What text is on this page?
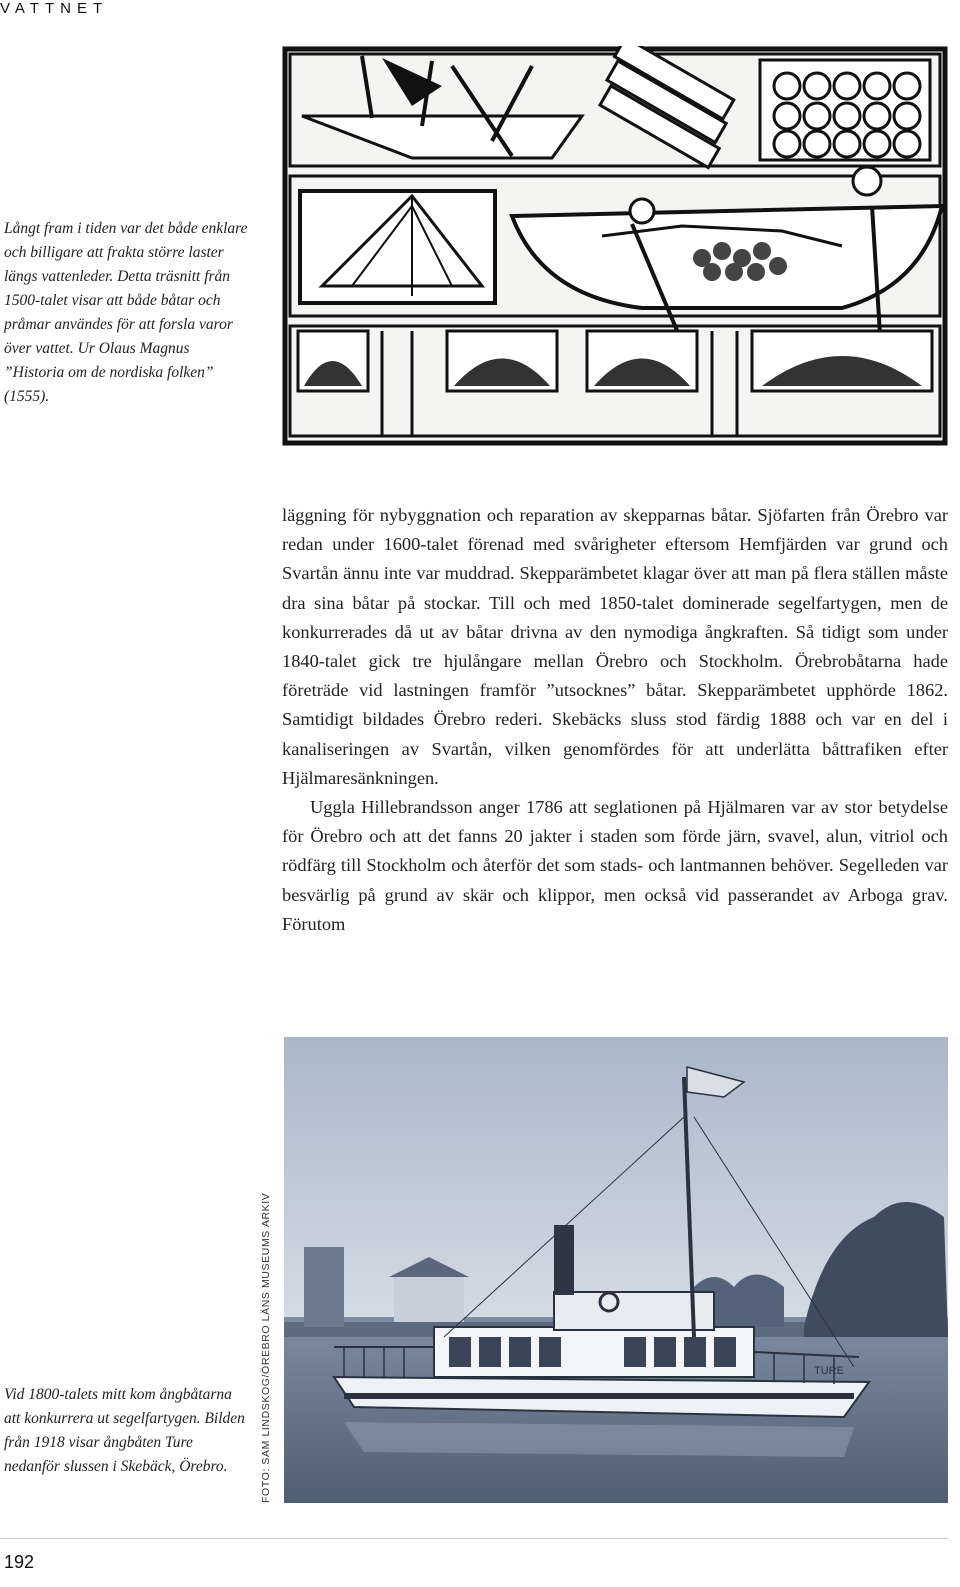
VATTNET
Långt fram i tiden var det både enklare och billigare att frakta större laster längs vattenleder. Detta träsnitt från 1500-talet visar att både båtar och pråmar användes för att forsla varor över vattet. Ur Olaus Magnus ”Historia om de nordiska folken” (1555).

läggning för nybyggnation och reparation av skepparnas båtar. Sjöfarten från Örebro var redan under 1600-talet förenad med svårigheter eftersom Hemfjärden var grund och Svartån ännu inte var muddrad. Skepparämbetet klagar över att man på flera ställen måste dra sina båtar på stockar. Till och med 1850-talet dominerade segelfartygen, men de konkurrerades då ut av båtar drivna av den nymodiga ångkraften. Så tidigt som under 1840-talet gick tre hjulångare mellan Örebro och Stockholm. Örebrobåtarna hade företräde vid lastningen framför ”utsocknes” båtar. Skepparämbetet upphörde 1862. Samtidigt bildades Örebro rederi. Skebäcks sluss stod färdig 1888 och var en del i kanaliseringen av Svartån, vilken genomfördes för att underlätta båttrafiken efter Hjälmaresänkningen.

Uggla Hillebrandsson anger 1786 att seglationen på Hjälmaren var av stor betydelse för Örebro och att det fanns 20 jakter i staden som förde järn, svavel, alun, vitriol och rödfärg till Stockholm och återför det som stads- och lantmannen behöver. Segelleden var besvärlig på grund av skär och klippor, men också vid passerandet av Arboga grav. Förutom

FOTO: SAM LINDSKOG/ÖREBRO LÄNS MUSEUMS ARKIV	TURE
Vid 1800-talets mitt kom ångbåtarna att konkurrera ut segelfartygen. Bilden från 1918 visar ångbåten Ture nedanför slussen i Skebäck, Örebro.
192
